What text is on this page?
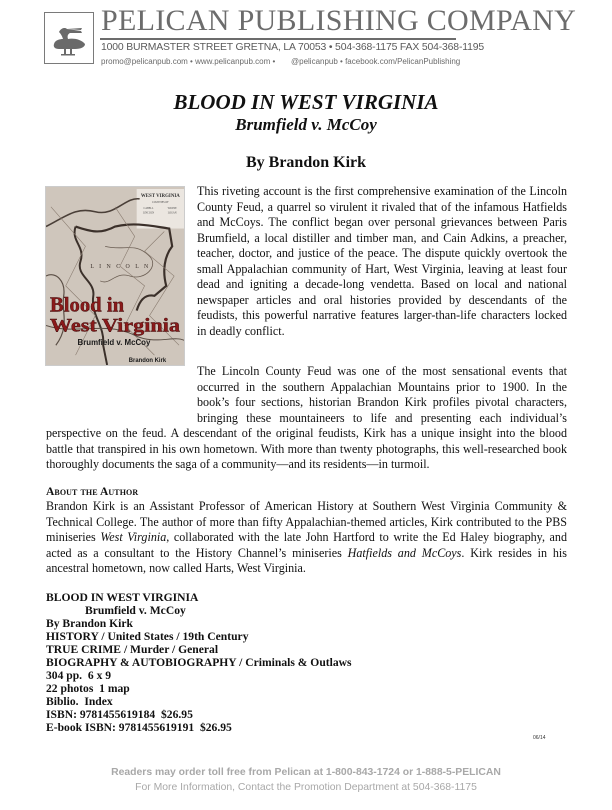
PELICAN PUBLISHING COMPANY
1000 BURMASTER STREET GRETNA, LA 70053 • 504-368-1175 FAX 504-368-1195
promo@pelicanpub.com • www.pelicanpub.com • @pelicanpub • facebook.com/PelicanPublishing
BLOOD IN WEST VIRGINIA
Brumfield v. McCoy
By Brandon Kirk
WEST VIRGINIA
COUNTIES OF
CABELL	WAYNE
LINCOLN	LOGAN
L I N C O L N
Blood in
West Virginia
Brumfield v. McCoy
Brandon Kirk
This riveting account is the first comprehensive examination of the Lincoln County Feud, a quarrel so virulent it rivaled that of the infamous Hatfields and McCoys. The conflict began over personal grievances between Paris Brumfield, a local distiller and timber man, and Cain Adkins, a preacher, teacher, doctor, and justice of the peace. The dispute quickly overtook the small Appalachian community of Hart, West Virginia, leaving at least four dead and igniting a decade-long vendetta. Based on local and national newspaper articles and oral histories provided by descendants of the feudists, this powerful narrative features larger-than-life characters locked in deadly conflict.
The Lincoln County Feud was one of the most sensational events that occurred in the southern Appalachian Mountains prior to 1900. In the book’s four sections, historian Brandon Kirk profiles pivotal characters, bringing these mountaineers to life and presenting each individual’s perspective on the feud. A descendant of the original feudists, Kirk has a unique insight into the blood battle that transpired in his own hometown. With more than twenty photographs, this well-researched book thoroughly documents the saga of a community—and its residents—in turmoil.
About the Author
Brandon Kirk is an Assistant Professor of American History at Southern West Virginia Community & Technical College. The author of more than fifty Appalachian-themed articles, Kirk contributed to the PBS miniseries West Virginia, collaborated with the late John Hartford to write the Ed Haley biography, and acted as a consultant to the History Channel’s miniseries Hatfields and McCoys. Kirk resides in his ancestral hometown, now called Harts, West Virginia.
BLOOD IN WEST VIRGINIA
Brumfield v. McCoy
By Brandon Kirk
HISTORY / United States / 19th Century
TRUE CRIME / Murder / General
BIOGRAPHY & AUTOBIOGRAPHY / Criminals & Outlaws
304 pp.  6 x 9
22 photos  1 map
Biblio.  Index
ISBN: 9781455619184  $26.95
E-book ISBN: 9781455619191  $26.95
06/14
Readers may order toll free from Pelican at 1-800-843-1724 or 1-888-5-PELICAN
For More Information, Contact the Promotion Department at 504-368-1175
